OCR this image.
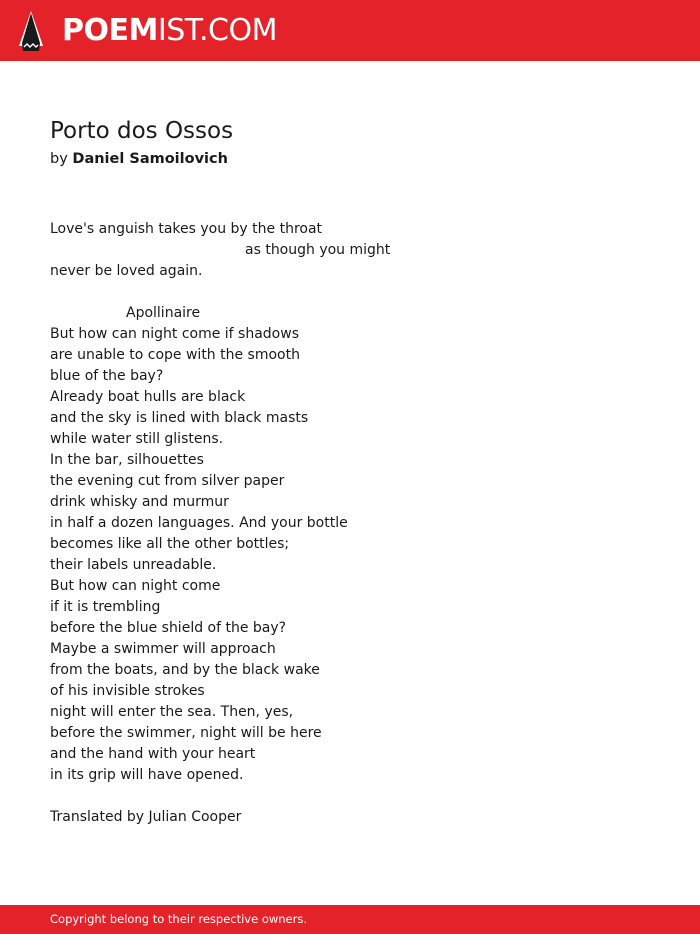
POEMIST.COM
Porto dos Ossos
by Daniel Samoilovich
Love's anguish takes you by the throat
as though you might
never be loved again.
Apollinaire
But how can night come if shadows
are unable to cope with the smooth
blue of the bay?
Already boat hulls are black
and the sky is lined with black masts
while water still glistens.
In the bar, silhouettes
the evening cut from silver paper
drink whisky and murmur
in half a dozen languages. And your bottle
becomes like all the other bottles;
their labels unreadable.
But how can night come
if it is trembling
before the blue shield of the bay?
Maybe a swimmer will approach
from the boats, and by the black wake
of his invisible strokes
night will enter the sea. Then, yes,
before the swimmer, night will be here
and the hand with your heart
in its grip will have opened.
Translated by Julian Cooper
Copyright belong to their respective owners.
